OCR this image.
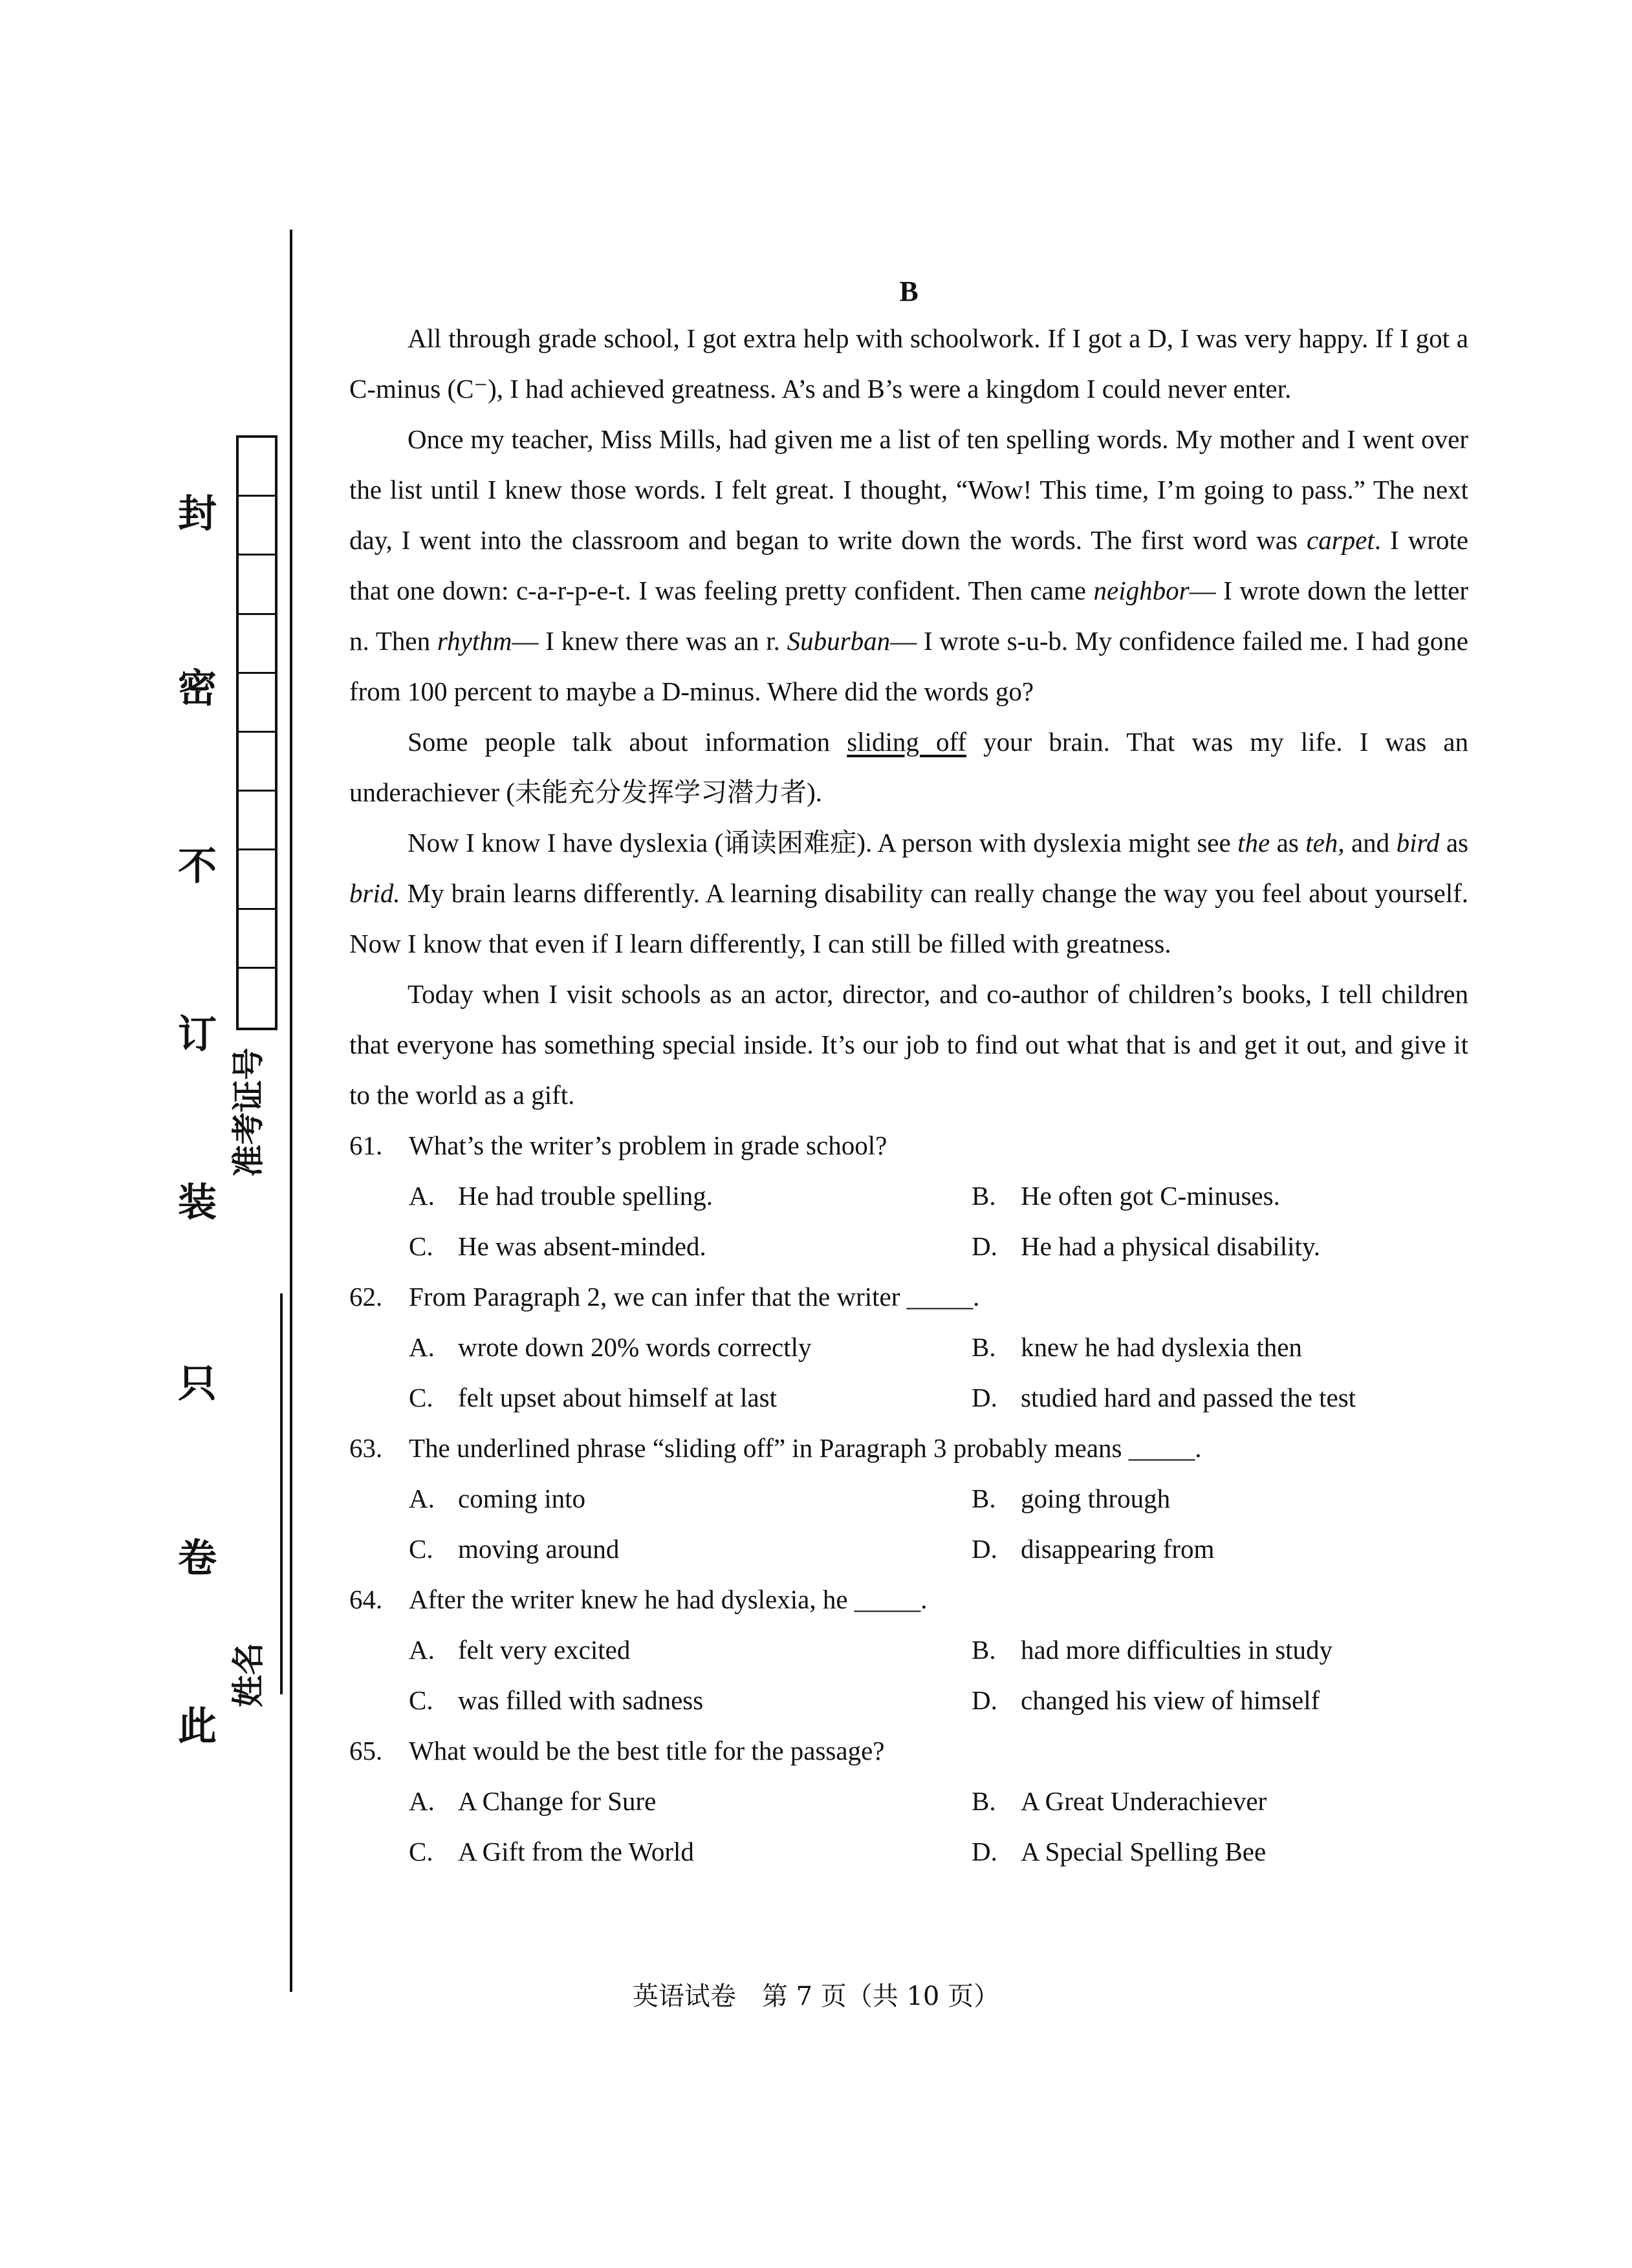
此
卷
只
装
订
不
密
封
准考证号
姓名
B

All through grade school, I got extra help with schoolwork. If I got a D, I was very happy. If I got a C-minus (C⁻), I had achieved greatness. A’s and B’s were a kingdom I could never enter.

Once my teacher, Miss Mills, had given me a list of ten spelling words. My mother and I went over the list until I knew those words. I felt great. I thought, “Wow! This time, I’m going to pass.” The next day, I went into the classroom and began to write down the words. The first word was carpet. I wrote that one down: c-a-r-p-e-t. I was feeling pretty confident. Then came neighbor— I wrote down the letter n. Then rhythm— I knew there was an r. Suburban— I wrote s-u-b. My confidence failed me. I had gone from 100 percent to maybe a D-minus. Where did the words go?

Some people talk about information sliding off your brain. That was my life. I was an underachiever (未能充分发挥学习潜力者).

Now I know I have dyslexia (诵读困难症). A person with dyslexia might see the as teh, and bird as brid. My brain learns differently. A learning disability can really change the way you feel about yourself. Now I know that even if I learn differently, I can still be filled with greatness.

Today when I visit schools as an actor, director, and co-author of children’s books, I tell children that everyone has something special inside. It’s our job to find out what that is and get it out, and give it to the world as a gift.

61. What’s the writer’s problem in grade school?
A. He had trouble spelling.	B. He often got C-minuses.
C. He was absent-minded.	D. He had a physical disability.
62. From Paragraph 2, we can infer that the writer _____.
A. wrote down 20% words correctly	B. knew he had dyslexia then
C. felt upset about himself at last	D. studied hard and passed the test
63. The underlined phrase “sliding off” in Paragraph 3 probably means _____.
A. coming into	B. going through
C. moving around	D. disappearing from
64. After the writer knew he had dyslexia, he _____.
A. felt very excited	B. had more difficulties in study
C. was filled with sadness	D. changed his view of himself
65. What would be the best title for the passage?
A. A Change for Sure	B. A Great Underachiever
C. A Gift from the World	D. A Special Spelling Bee
英语试卷　第 7 页（共 10 页）
